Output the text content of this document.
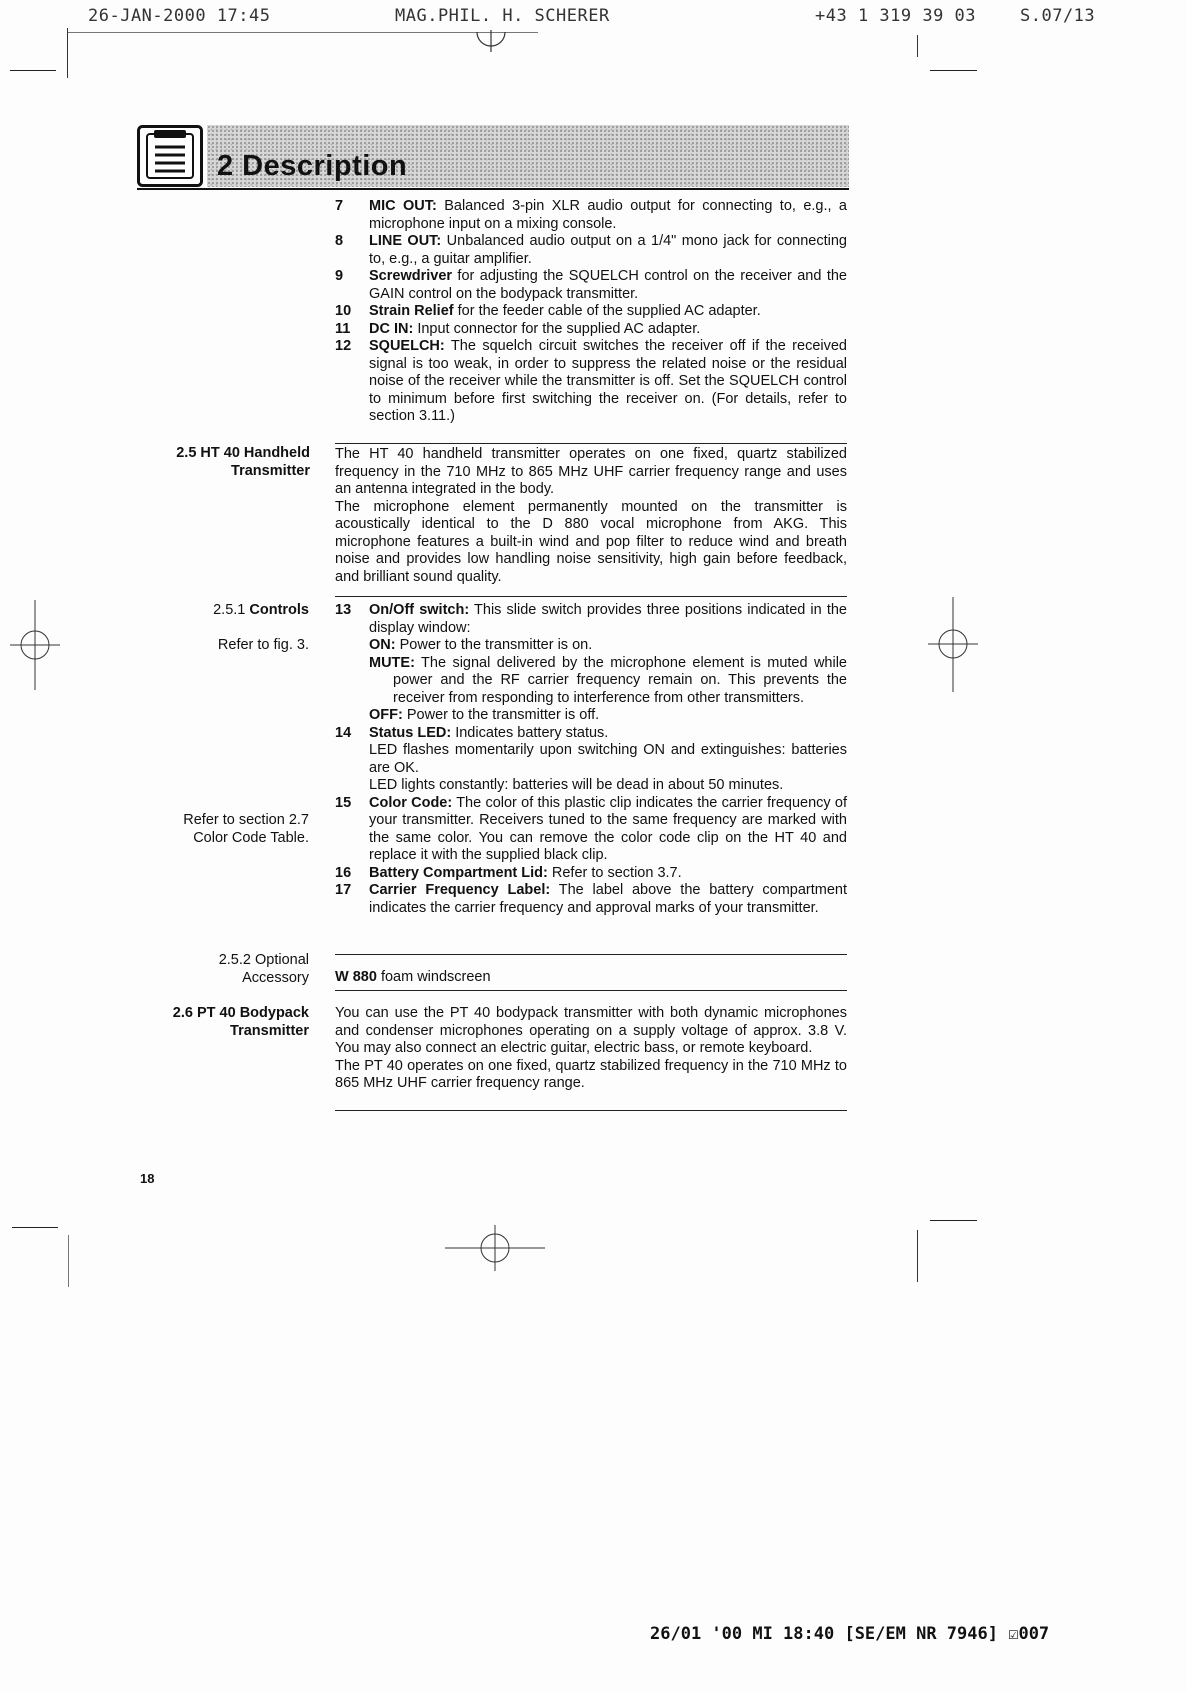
26-JAN-2000 17:45	MAG.PHIL. H. SCHERER	+43 1 319 39 03	S.07/13
2 Description
7	MIC OUT: Balanced 3-pin XLR audio output for connecting to, e.g., a microphone input on a mixing console.
8	LINE OUT: Unbalanced audio output on a 1/4" mono jack for connecting to, e.g., a guitar amplifier.
9	Screwdriver for adjusting the SQUELCH control on the receiver and the GAIN control on the bodypack transmitter.
10	Strain Relief for the feeder cable of the supplied AC adapter.
11	DC IN: Input connector for the supplied AC adapter.
12	SQUELCH: The squelch circuit switches the receiver off if the received signal is too weak, in order to suppress the related noise or the residual noise of the receiver while the transmitter is off. Set the SQUELCH control to minimum before first switching the receiver on. (For details, refer to section 3.11.)
2.5 HT 40 Handheld Transmitter
The HT 40 handheld transmitter operates on one fixed, quartz stabilized frequency in the 710 MHz to 865 MHz UHF carrier frequency range and uses an antenna integrated in the body.
The microphone element permanently mounted on the transmitter is acoustically identical to the D 880 vocal microphone from AKG. This microphone features a built-in wind and pop filter to reduce wind and breath noise and provides low handling noise sensitivity, high gain before feedback, and brilliant sound quality.
2.5.1 Controls
Refer to fig. 3.
Refer to section 2.7 Color Code Table.
13	On/Off switch: This slide switch provides three positions indicated in the display window:
ON: Power to the transmitter is on.
MUTE: The signal delivered by the microphone element is muted while power and the RF carrier frequency remain on. This prevents the receiver from responding to interference from other transmitters.
OFF: Power to the transmitter is off.
14	Status LED: Indicates battery status.
LED flashes momentarily upon switching ON and extinguishes: batteries are OK.
LED lights constantly: batteries will be dead in about 50 minutes.
15	Color Code: The color of this plastic clip indicates the carrier frequency of your transmitter. Receivers tuned to the same frequency are marked with the same color. You can remove the color code clip on the HT 40 and replace it with the supplied black clip.
16	Battery Compartment Lid: Refer to section 3.7.
17	Carrier Frequency Label: The label above the battery compartment indicates the carrier frequency and approval marks of your transmitter.
2.5.2 Optional Accessory W 880 foam windscreen
2.6 PT 40 Bodypack Transmitter
You can use the PT 40 bodypack transmitter with both dynamic microphones and condenser microphones operating on a supply voltage of approx. 3.8 V. You may also connect an electric guitar, electric bass, or remote keyboard.
The PT 40 operates on one fixed, quartz stabilized frequency in the 710 MHz to 865 MHz UHF carrier frequency range.
18
26/01 '00 MI 18:40 [SE/EM NR 7946] ☑007
